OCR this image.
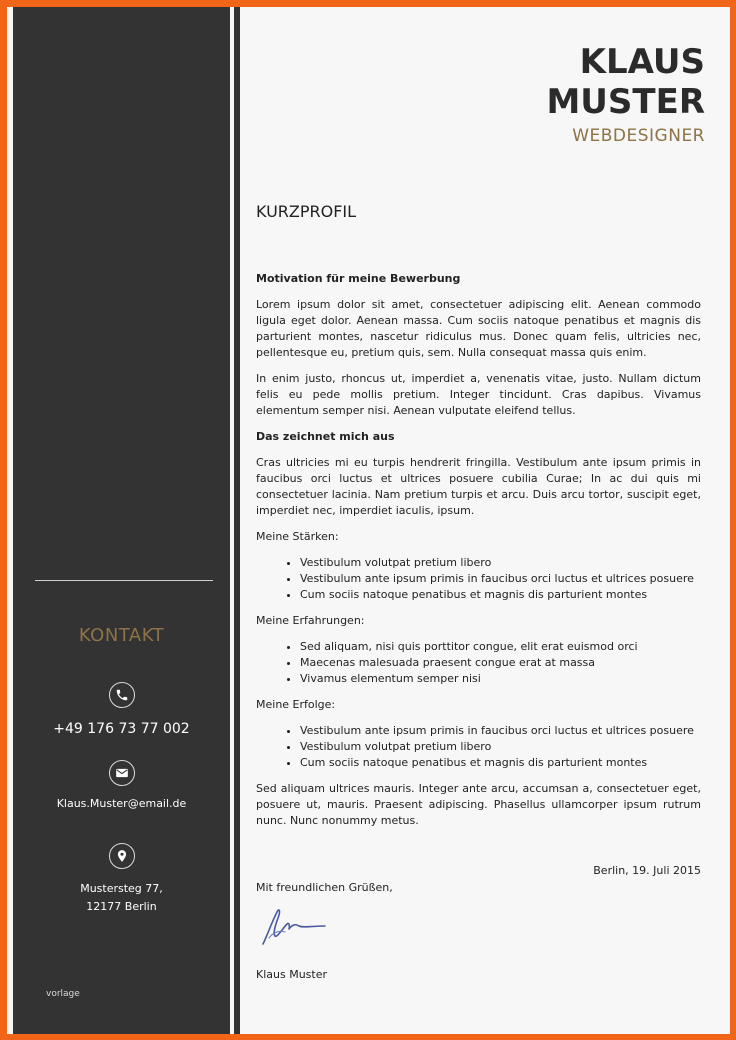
KONTAKT
+49 176 73 77 002
Klaus.Muster@email.de
Mustersteg 77,
12177 Berlin
vorlage
KLAUS
MUSTER
WEBDESIGNER
KURZPROFIL

Motivation für meine Bewerbung

Lorem ipsum dolor sit amet, consectetuer adipiscing elit. Aenean commodo ligula eget dolor. Aenean massa. Cum sociis natoque penatibus et magnis dis parturient montes, nascetur ridiculus mus. Donec quam felis, ultricies nec, pellentesque eu, pretium quis, sem. Nulla consequat massa quis enim.

In enim justo, rhoncus ut, imperdiet a, venenatis vitae, justo. Nullam dictum felis eu pede mollis pretium. Integer tincidunt. Cras dapibus. Vivamus elementum semper nisi. Aenean vulputate eleifend tellus.

Das zeichnet mich aus

Cras ultricies mi eu turpis hendrerit fringilla. Vestibulum ante ipsum primis in faucibus orci luctus et ultrices posuere cubilia Curae; In ac dui quis mi consectetuer lacinia. Nam pretium turpis et arcu. Duis arcu tortor, suscipit eget, imperdiet nec, imperdiet iaculis, ipsum.

Meine Stärken:

• Vestibulum volutpat pretium libero
• Vestibulum ante ipsum primis in faucibus orci luctus et ultrices posuere
• Cum sociis natoque penatibus et magnis dis parturient montes

Meine Erfahrungen:

• Sed aliquam, nisi quis porttitor congue, elit erat euismod orci
• Maecenas malesuada praesent congue erat at massa
• Vivamus elementum semper nisi

Meine Erfolge:

• Vestibulum ante ipsum primis in faucibus orci luctus et ultrices posuere
• Vestibulum volutpat pretium libero
• Cum sociis natoque penatibus et magnis dis parturient montes

Sed aliquam ultrices mauris. Integer ante arcu, accumsan a, consectetuer eget, posuere ut, mauris. Praesent adipiscing. Phasellus ullamcorper ipsum rutrum nunc. Nunc nonummy metus.

Berlin, 19. Juli 2015
Mit freundlichen Grüßen,
Klaus Muster
